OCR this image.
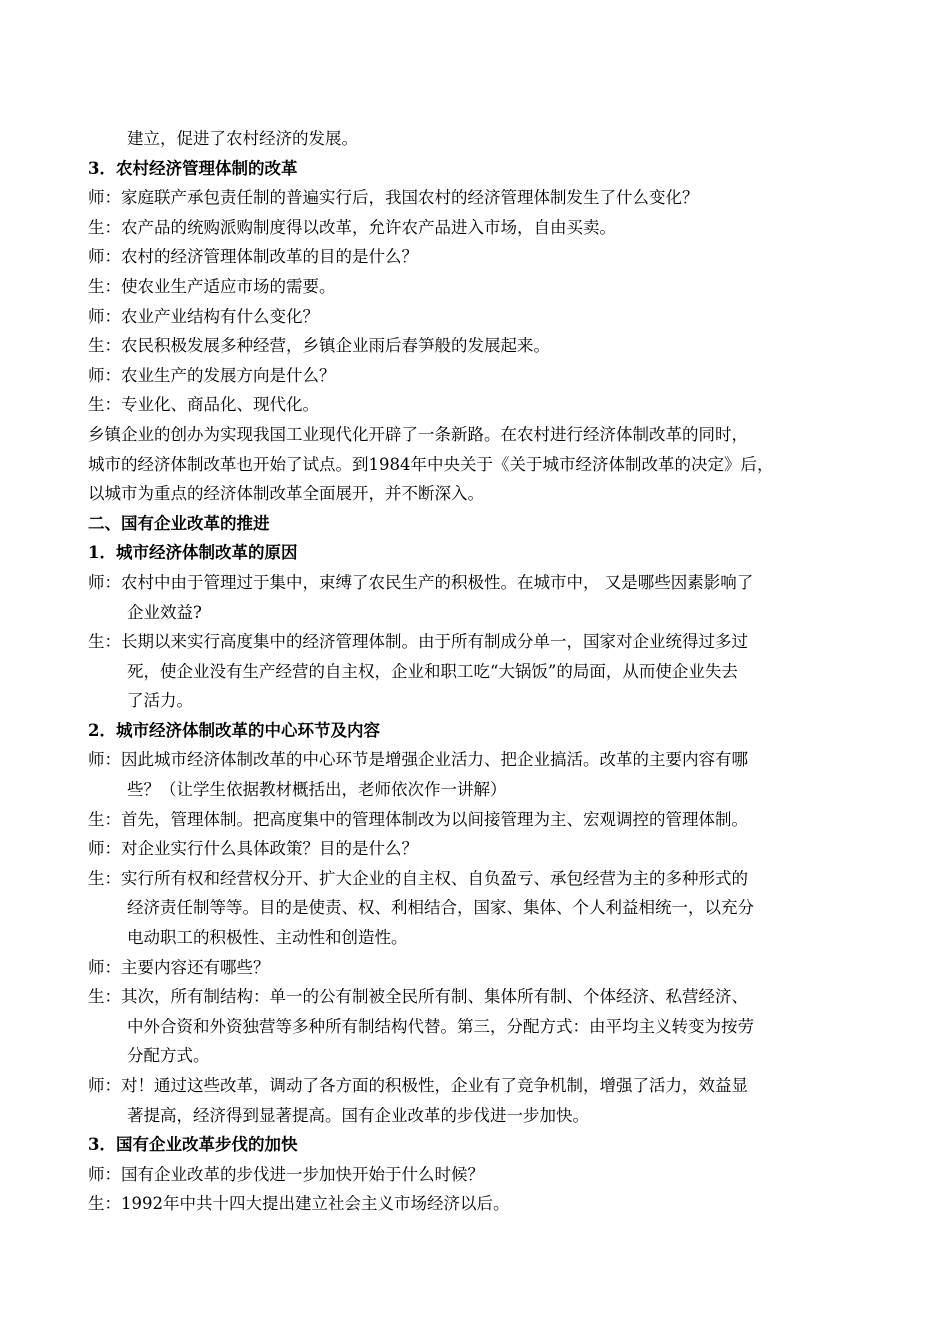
建立，促进了农村经济的发展。

3．农村经济管理体制的改革

师：家庭联产承包责任制的普遍实行后，我国农村的经济管理体制发生了什么变化？

生：农产品的统购派购制度得以改革，允许农产品进入市场，自由买卖。

师：农村的经济管理体制改革的目的是什么？

生：使农业生产适应市场的需要。

师：农业产业结构有什么变化？

生：农民积极发展多种经营，乡镇企业雨后春笋般的发展起来。

师：农业生产的发展方向是什么？

生：专业化、商品化、现代化。

乡镇企业的创办为实现我国工业现代化开辟了一条新路。在农村进行经济体制改革的同时，

城市的经济体制改革也开始了试点。到1984年中央关于《关于城市经济体制改革的决定》后，

以城市为重点的经济体制改革全面展开，并不断深入。

二、国有企业改革的推进

1．城市经济体制改革的原因

师：农村中由于管理过于集中，束缚了农民生产的积极性。在城市中， 又是哪些因素影响了

企业效益?

生：长期以来实行高度集中的经济管理体制。由于所有制成分单一，国家对企业统得过多过

死，使企业没有生产经营的自主权，企业和职工吃“大锅饭”的局面，从而使企业失去

了活力。

2．城市经济体制改革的中心环节及内容

师：因此城市经济体制改革的中心环节是增强企业活力、把企业搞活。改革的主要内容有哪

些？（让学生依据教材概括出，老师依次作一讲解）

生：首先，管理体制。把高度集中的管理体制改为以间接管理为主、宏观调控的管理体制。

师：对企业实行什么具体政策？目的是什么？

生：实行所有权和经营权分开、扩大企业的自主权、自负盈亏、承包经营为主的多种形式的

经济责任制等等。目的是使责、权、利相结合，国家、集体、个人利益相统一，以充分

电动职工的积极性、主动性和创造性。

师：主要内容还有哪些？

生：其次，所有制结构：单一的公有制被全民所有制、集体所有制、个体经济、私营经济、

中外合资和外资独营等多种所有制结构代替。第三，分配方式：由平均主义转变为按劳

分配方式。

师：对！通过这些改革，调动了各方面的积极性，企业有了竞争机制，增强了活力，效益显

著提高，经济得到显著提高。国有企业改革的步伐进一步加快。

3．国有企业改革步伐的加快

师：国有企业改革的步伐进一步加快开始于什么时候？

生：1992年中共十四大提出建立社会主义市场经济以后。
